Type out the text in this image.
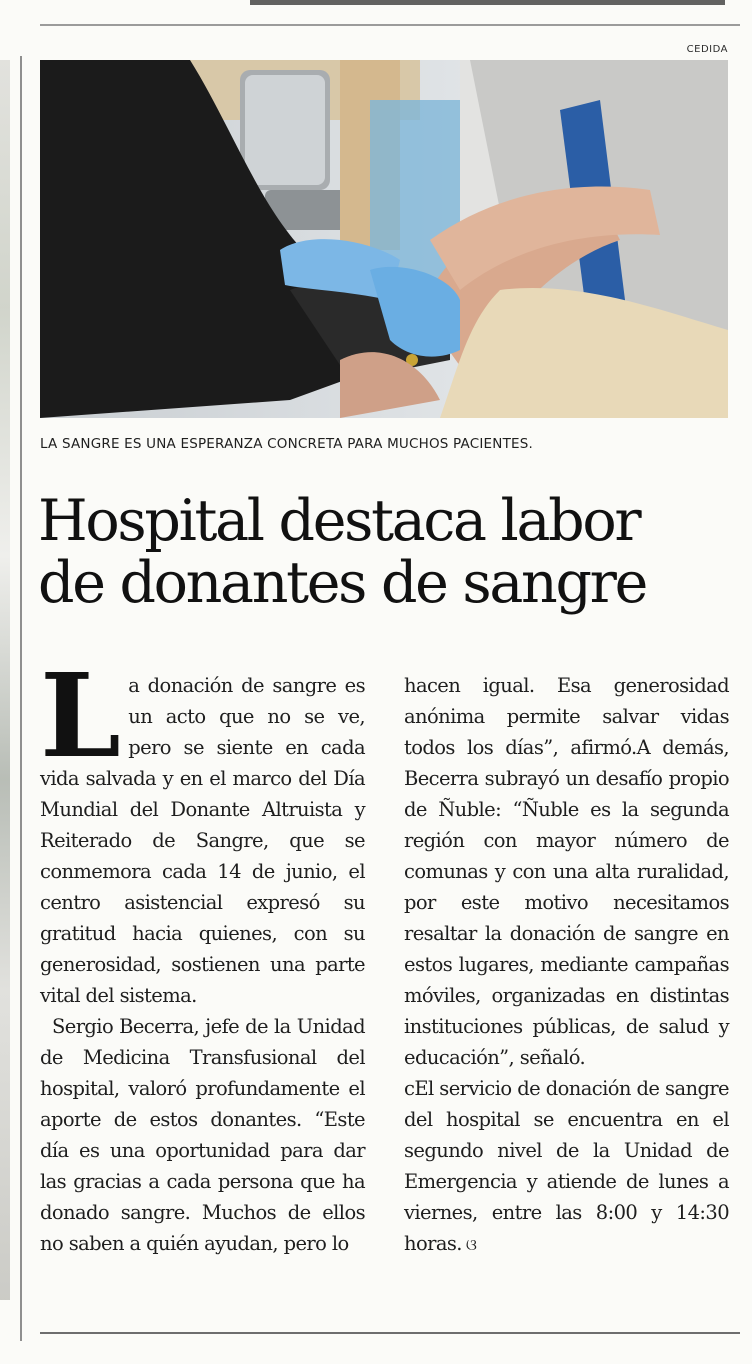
CEDIDA
LA SANGRE ES UNA ESPERANZA CONCRETA PARA MUCHOS PACIENTES.
Hospital destaca labor
de donantes de sangre

L a donación de sangre es un acto que no se ve, pero se siente en cada vida salvada y en el marco del Día Mundial del Donante Altruista y Reiterado de Sangre, que se conmemora cada 14 de junio, el centro asistencial expresó su gratitud hacia quienes, con su generosidad, sostienen una parte vital del sistema.

Sergio Becerra, jefe de la Unidad de Medicina Transfusional del hospital, valoró profundamente el aporte de estos donantes. “Este día es una oportunidad para dar las gracias a cada persona que ha donado sangre. Muchos de ellos no saben a quién ayudan, pero lo

hacen igual. Esa generosidad anónima permite salvar vidas todos los días”, afirmó.A demás, Becerra subrayó un desafío propio de Ñuble: “Ñuble es la segunda región con mayor número de comunas y con una alta ruralidad, por este motivo necesitamos resaltar la donación de sangre en estos lugares, mediante campañas móviles, organizadas en distintas instituciones públicas, de salud y educación”, señaló.

cEl servicio de donación de sangre del hospital se encuentra en el segundo nivel de la Unidad de Emergencia y atiende de lunes a viernes, entre las 8:00 y 14:30 horas. ଓ
